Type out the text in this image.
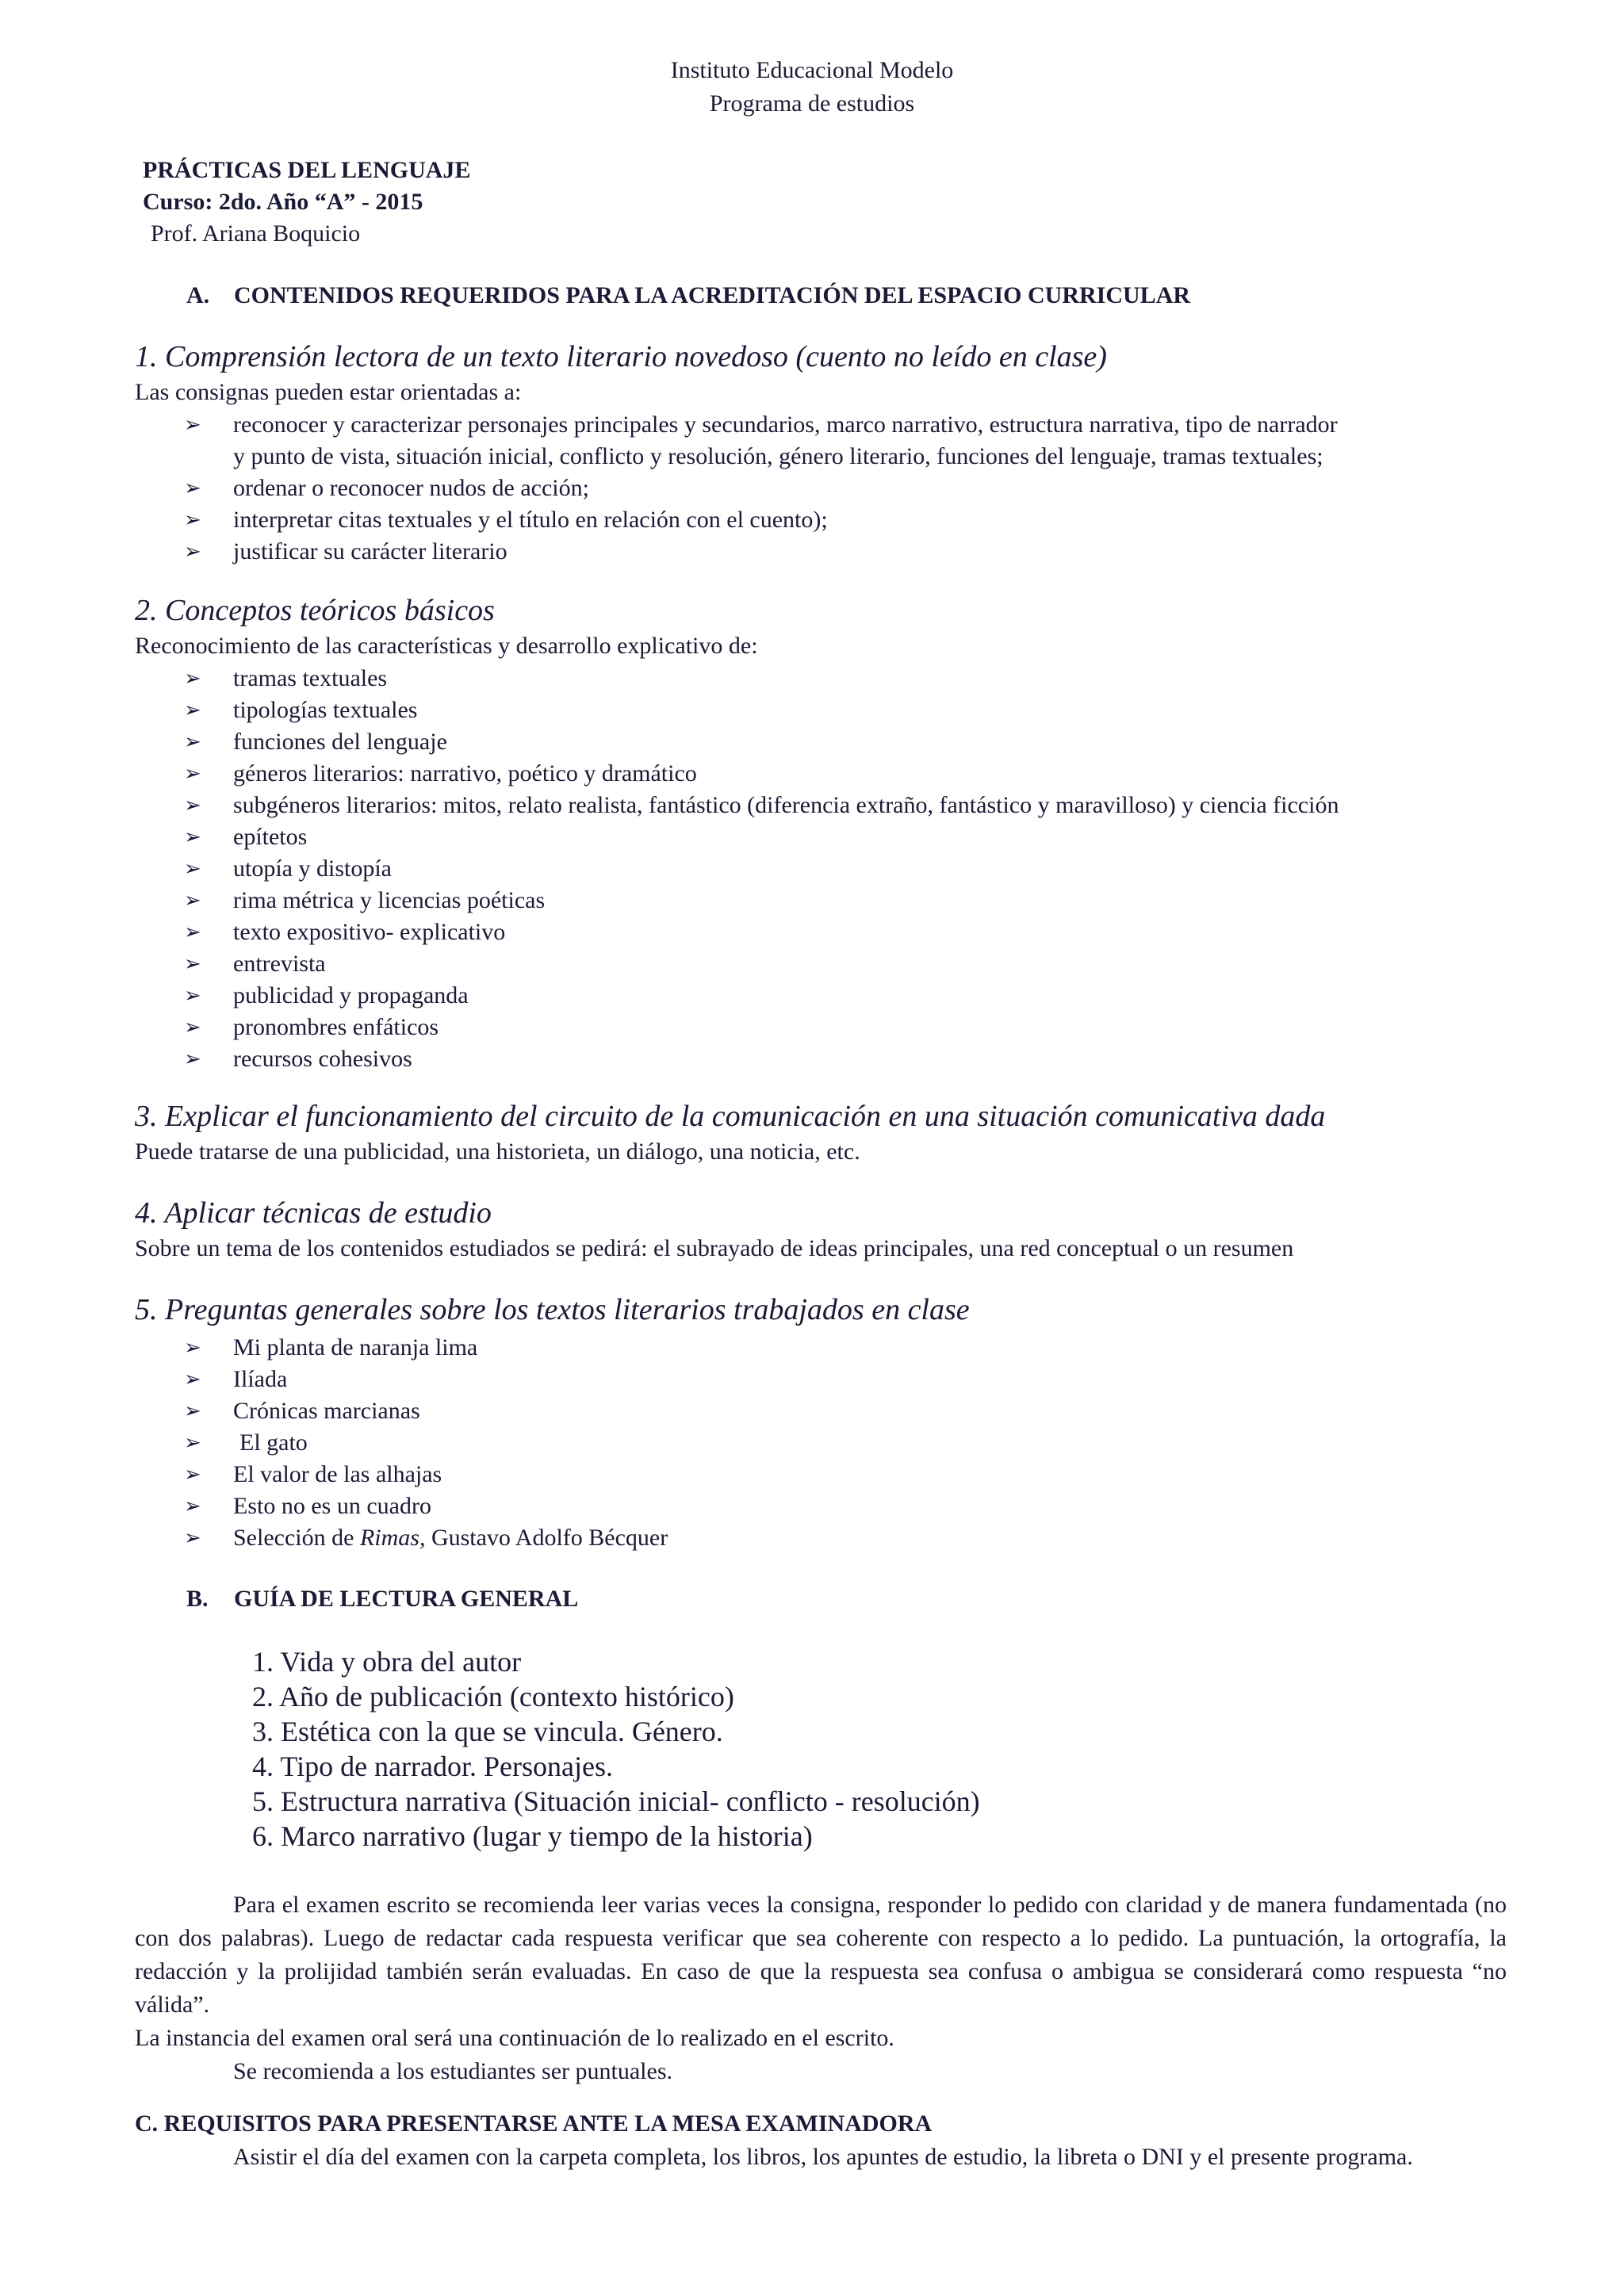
Instituto Educacional Modelo
Programa de estudios
PRÁCTICAS DEL LENGUAJE
Curso: 2do. Año “A” - 2015
Prof. Ariana Boquicio
A. CONTENIDOS REQUERIDOS PARA LA ACREDITACIÓN DEL ESPACIO CURRICULAR
1. Comprensión lectora de un texto literario novedoso (cuento no leído en clase)
Las consignas pueden estar orientadas a:
➢ reconocer y caracterizar personajes principales y secundarios, marco narrativo, estructura narrativa, tipo de narrador
y punto de vista, situación inicial, conflicto y resolución, género literario, funciones del lenguaje, tramas textuales;
➢ ordenar o reconocer nudos de acción;
➢ interpretar citas textuales y el título en relación con el cuento);
➢ justificar su carácter literario
2. Conceptos teóricos básicos
Reconocimiento de las características y desarrollo explicativo de:
➢ tramas textuales
➢ tipologías textuales
➢ funciones del lenguaje
➢ géneros literarios: narrativo, poético y dramático
➢ subgéneros literarios: mitos, relato realista, fantástico (diferencia extraño, fantástico y maravilloso) y ciencia ficción
➢ epítetos
➢ utopía y distopía
➢ rima métrica y licencias poéticas
➢ texto expositivo- explicativo
➢ entrevista
➢ publicidad y propaganda
➢ pronombres enfáticos
➢ recursos cohesivos
3. Explicar el funcionamiento del circuito de la comunicación en una situación comunicativa dada
Puede tratarse de una publicidad, una historieta, un diálogo, una noticia, etc.
4. Aplicar técnicas de estudio
Sobre un tema de los contenidos estudiados se pedirá: el subrayado de ideas principales, una red conceptual o un resumen
5. Preguntas generales sobre los textos literarios trabajados en clase
➢ Mi planta de naranja lima
➢ Ilíada
➢ Crónicas marcianas
➢ El gato
➢ El valor de las alhajas
➢ Esto no es un cuadro
➢ Selección de Rimas, Gustavo Adolfo Bécquer
B. GUÍA DE LECTURA GENERAL
1. Vida y obra del autor
2. Año de publicación (contexto histórico)
3. Estética con la que se vincula. Género.
4. Tipo de narrador. Personajes.
5. Estructura narrativa (Situación inicial- conflicto - resolución)
6. Marco narrativo (lugar y tiempo de la historia)

Para el examen escrito se recomienda leer varias veces la consigna, responder lo pedido con claridad y de manera fundamentada (no con dos palabras). Luego de redactar cada respuesta verificar que sea coherente con respecto a lo pedido. La puntuación, la ortografía, la redacción y la prolijidad también serán evaluadas. En caso de que la respuesta sea confusa o ambigua se considerará como respuesta “no válida”.

La instancia del examen oral será una continuación de lo realizado en el escrito.

Se recomienda a los estudiantes ser puntuales.

C. REQUISITOS PARA PRESENTARSE ANTE LA MESA EXAMINADORA

Asistir el día del examen con la carpeta completa, los libros, los apuntes de estudio, la libreta o DNI y el presente programa.
